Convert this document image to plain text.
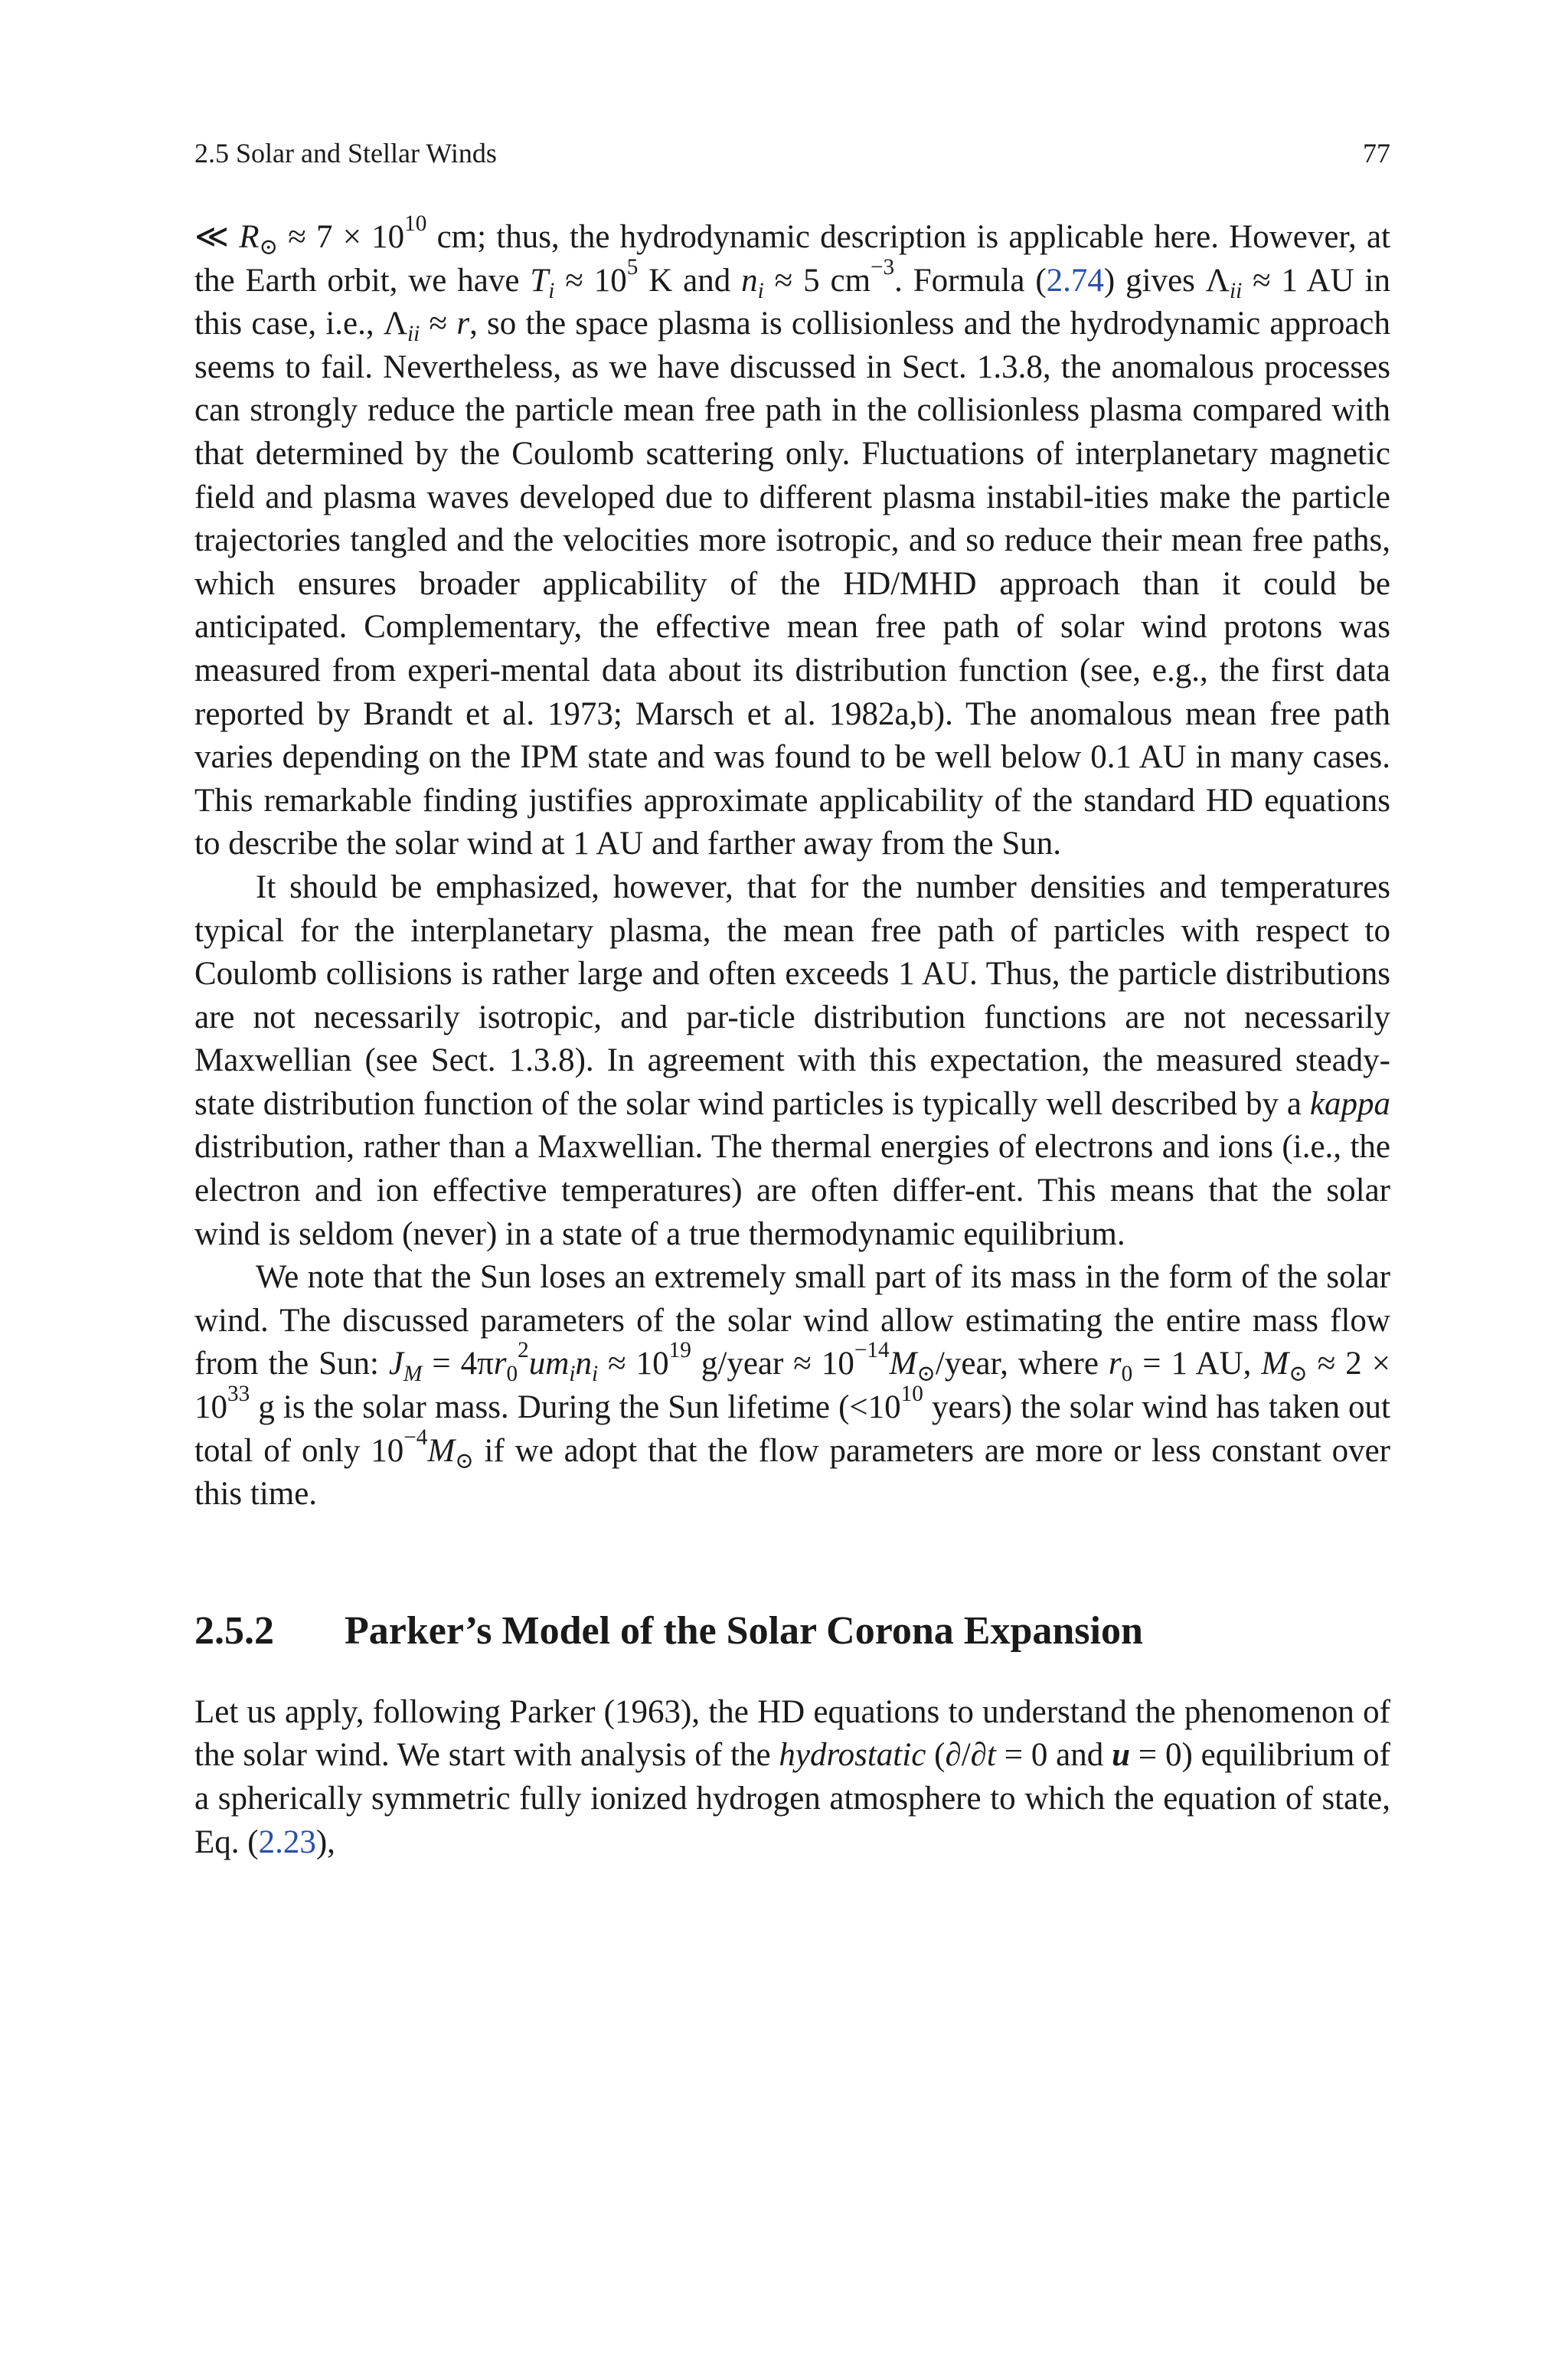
2.5 Solar and Stellar Winds	77

≪ $R_⊙ \approx 7 \times 10^{10}$ cm; thus, the hydrodynamic description is applicable here. However, at the Earth orbit, we have $T_i \approx 10^5$ K and $n_i \approx 5$ $cm^{-3}$. Formula (2.74) gives $\Lambda_{ii} \approx 1$ AU in this case, i.e., $\Lambda_{ii} \approx r$, so the space plasma is collisionless and the hydrodynamic approach seems to fail. Nevertheless, as we have discussed in Sect. 1.3.8, the anomalous processes can strongly reduce the particle mean free path in the collisionless plasma compared with that determined by the Coulomb scattering only. Fluctuations of interplanetary magnetic field and plasma waves developed due to different plasma instabil-ities make the particle trajectories tangled and the velocities more isotropic, and so reduce their mean free paths, which ensures broader applicability of the HD/MHD approach than it could be anticipated. Complementary, the effective mean free path of solar wind protons was measured from experi-mental data about its distribution function (see, e.g., the first data reported by Brandt et al. 1973; Marsch et al. 1982a,b). The anomalous mean free path varies depending on the IPM state and was found to be well below 0.1 AU in many cases. This remarkable finding justifies approximate applicability of the standard HD equations to describe the solar wind at 1 AU and farther away from the Sun.

It should be emphasized, however, that for the number densities and temperatures typical for the interplanetary plasma, the mean free path of particles with respect to Coulomb collisions is rather large and often exceeds 1 AU. Thus, the particle distributions are not necessarily isotropic, and par-ticle distribution functions are not necessarily Maxwellian (see Sect. 1.3.8). In agreement with this expectation, the measured steady-state distribution function of the solar wind particles is typically well described by a kappa distribution, rather than a Maxwellian. The thermal energies of electrons and ions (i.e., the electron and ion effective temperatures) are often differ-ent. This means that the solar wind is seldom (never) in a state of a true thermodynamic equilibrium.

We note that the Sun loses an extremely small part of its mass in the form of the solar wind. The discussed parameters of the solar wind allow estimating the entire mass flow from the Sun: $J_M = 4\pi r_0^2um_in_i \approx 10^{19}$ g/year ≈ $10^{-14}M_⊙$/year, where $r_0 = 1$ AU, $M_⊙ \approx 2 \times 10^{33}$ g is the solar mass. During the Sun lifetime ($<10^{10}$ years) the solar wind has taken out total of only $10^{-4}M_⊙$ if we adopt that the flow parameters are more or less constant over this time.

2.5.2	Parker’s Model of the Solar Corona Expansion

Let us apply, following Parker (1963), the HD equations to understand the phenomenon of the solar wind. We start with analysis of the hydrostatic (∂/∂t = 0 and u = 0) equilibrium of a spherically symmetric fully ionized hydrogen atmosphere to which the equation of state, Eq. (2.23),
